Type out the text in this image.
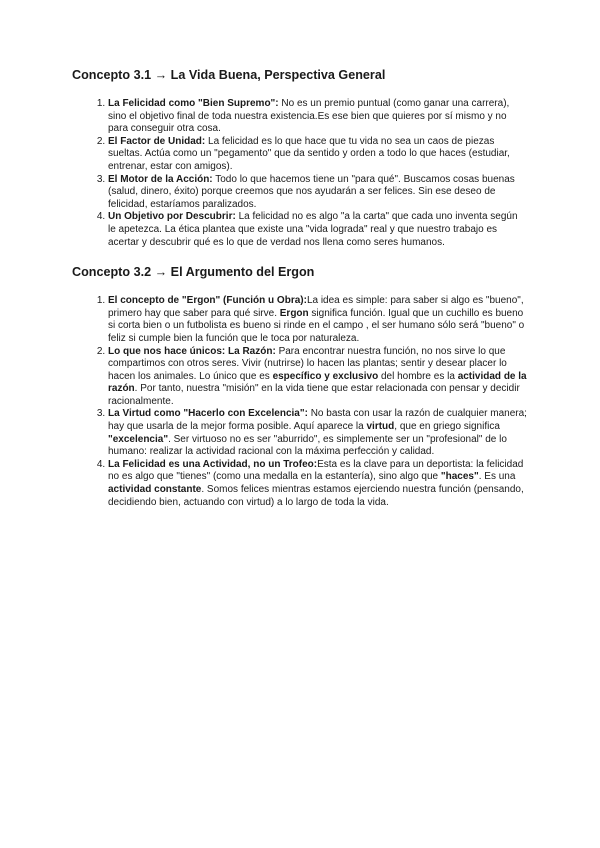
Concepto 3.1 → La Vida Buena, Perspectiva General
1. La Felicidad como "Bien Supremo": No es un premio puntual (como ganar una carrera), sino el objetivo final de toda nuestra existencia.Es ese bien que quieres por sí mismo y no para conseguir otra cosa.
2. El Factor de Unidad: La felicidad es lo que hace que tu vida no sea un caos de piezas sueltas. Actúa como un "pegamento" que da sentido y orden a todo lo que haces (estudiar, entrenar, estar con amigos).
3. El Motor de la Acción: Todo lo que hacemos tiene un "para qué". Buscamos cosas buenas (salud, dinero, éxito) porque creemos que nos ayudarán a ser felices. Sin ese deseo de felicidad, estaríamos paralizados.
4. Un Objetivo por Descubrir: La felicidad no es algo "a la carta" que cada uno inventa según le apetezca. La ética plantea que existe una "vida lograda" real y que nuestro trabajo es acertar y descubrir qué es lo que de verdad nos llena como seres humanos.
Concepto 3.2 → El Argumento del Ergon
1. El concepto de "Ergon" (Función u Obra):La idea es simple: para saber si algo es "bueno", primero hay que saber para qué sirve. Ergon significa función. Igual que un cuchillo es bueno si corta bien o un futbolista es bueno si rinde en el campo , el ser humano sólo será "bueno" o feliz si cumple bien la función que le toca por naturaleza.
2. Lo que nos hace únicos: La Razón: Para encontrar nuestra función, no nos sirve lo que compartimos con otros seres. Vivir (nutrirse) lo hacen las plantas; sentir y desear placer lo hacen los animales. Lo único que es específico y exclusivo del hombre es la actividad de la razón. Por tanto, nuestra "misión" en la vida tiene que estar relacionada con pensar y decidir racionalmente.
3. La Virtud como "Hacerlo con Excelencia": No basta con usar la razón de cualquier manera; hay que usarla de la mejor forma posible. Aquí aparece la virtud, que en griego significa "excelencia". Ser virtuoso no es ser "aburrido", es simplemente ser un "profesional" de lo humano: realizar la actividad racional con la máxima perfección y calidad.
4. La Felicidad es una Actividad, no un Trofeo:Esta es la clave para un deportista: la felicidad no es algo que "tienes" (como una medalla en la estantería), sino algo que "haces". Es una actividad constante. Somos felices mientras estamos ejerciendo nuestra función (pensando, decidiendo bien, actuando con virtud) a lo largo de toda la vida.
